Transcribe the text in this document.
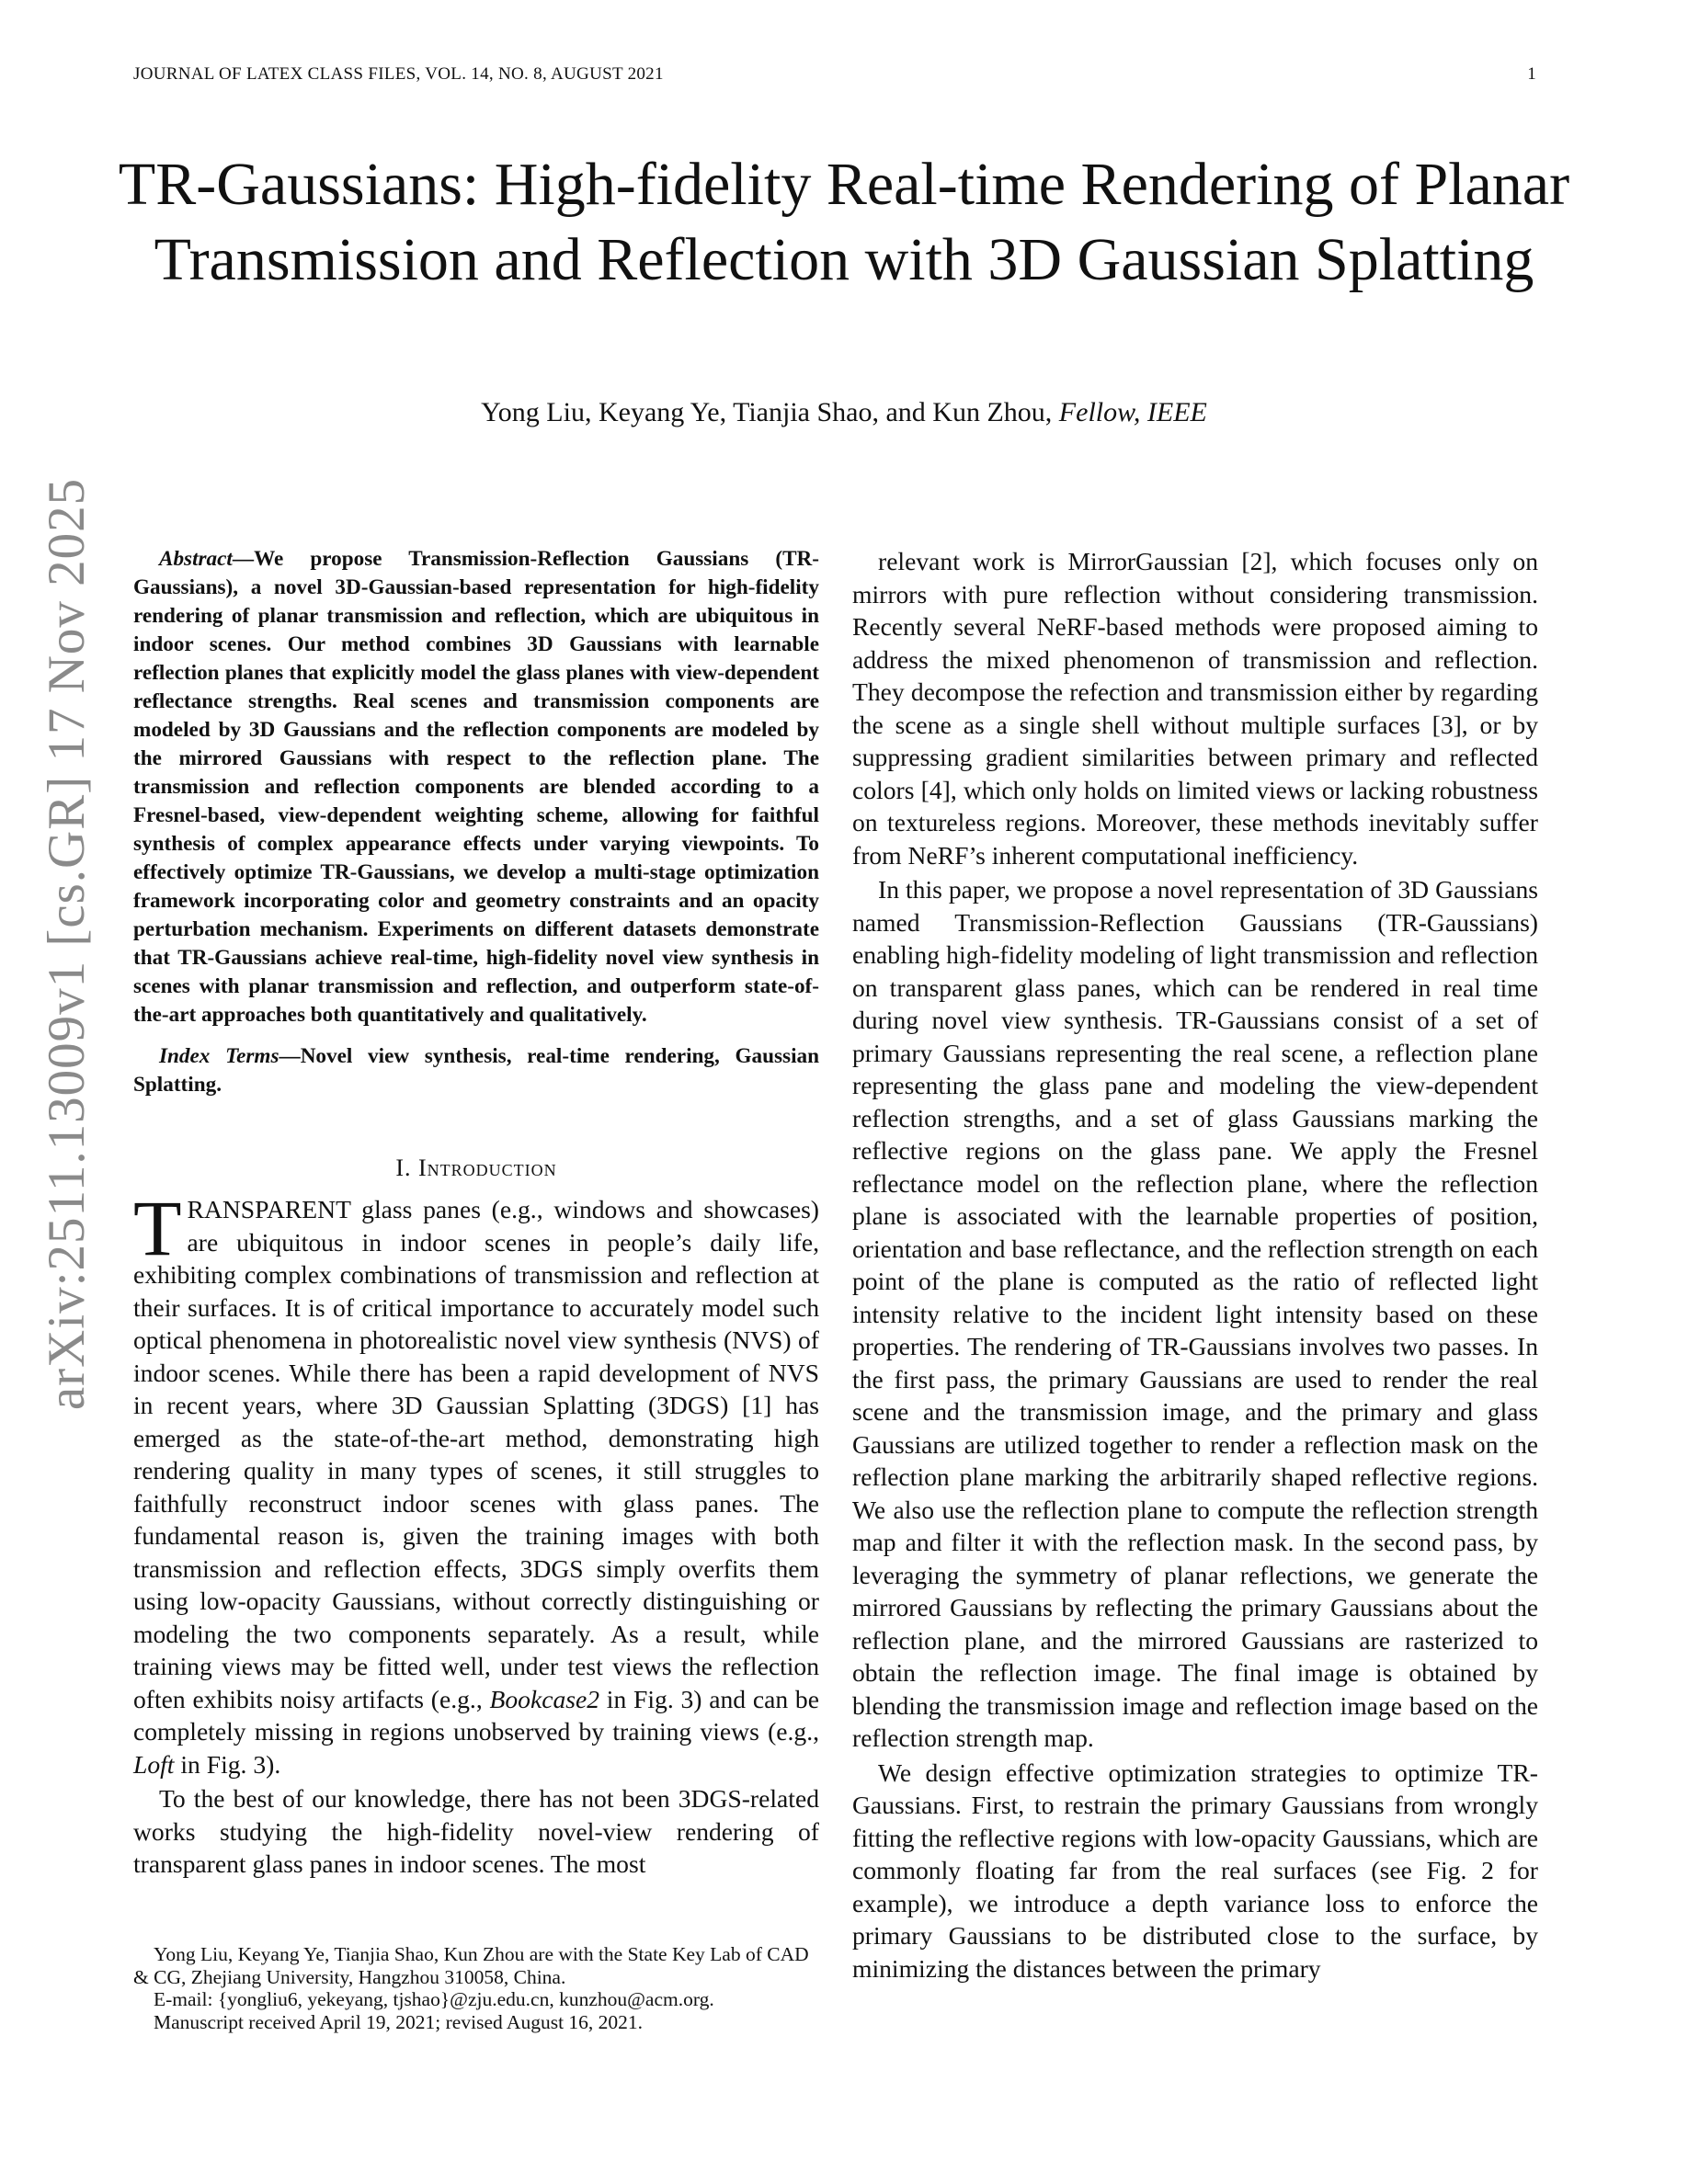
JOURNAL OF LATEX CLASS FILES, VOL. 14, NO. 8, AUGUST 2021	1
arXiv:2511.13009v1 [cs.GR] 17 Nov 2025
TR-Gaussians: High-fidelity Real-time Rendering of Planar Transmission and Reflection with 3D Gaussian Splatting
Yong Liu, Keyang Ye, Tianjia Shao, and Kun Zhou, Fellow, IEEE

Abstract—We propose Transmission-Reflection Gaussians (TR-Gaussians), a novel 3D-Gaussian-based representation for high-fidelity rendering of planar transmission and reflection, which are ubiquitous in indoor scenes. Our method combines 3D Gaussians with learnable reflection planes that explicitly model the glass planes with view-dependent reflectance strengths. Real scenes and transmission components are modeled by 3D Gaussians and the reflection components are modeled by the mirrored Gaussians with respect to the reflection plane. The transmission and reflection components are blended according to a Fresnel-based, view-dependent weighting scheme, allowing for faithful synthesis of complex appearance effects under varying viewpoints. To effectively optimize TR-Gaussians, we develop a multi-stage optimization framework incorporating color and geometry constraints and an opacity perturbation mechanism. Experiments on different datasets demonstrate that TR-Gaussians achieve real-time, high-fidelity novel view synthesis in scenes with planar transmission and reflection, and outperform state-of-the-art approaches both quantitatively and qualitatively.

Index Terms—Novel view synthesis, real-time rendering, Gaussian Splatting.

I. Introduction

TRANSPARENT glass panes (e.g., windows and showcases) are ubiquitous in indoor scenes in people’s daily life, exhibiting complex combinations of transmission and reflection at their surfaces. It is of critical importance to accurately model such optical phenomena in photorealistic novel view synthesis (NVS) of indoor scenes. While there has been a rapid development of NVS in recent years, where 3D Gaussian Splatting (3DGS) [1] has emerged as the state-of-the-art method, demonstrating high rendering quality in many types of scenes, it still struggles to faithfully reconstruct indoor scenes with glass panes. The fundamental reason is, given the training images with both transmission and reflection effects, 3DGS simply overfits them using low-opacity Gaussians, without correctly distinguishing or modeling the two components separately. As a result, while training views may be fitted well, under test views the reflection often exhibits noisy artifacts (e.g., Bookcase2 in Fig. 3) and can be completely missing in regions unobserved by training views (e.g., Loft in Fig. 3).

To the best of our knowledge, there has not been 3DGS-related works studying the high-fidelity novel-view rendering of transparent glass panes in indoor scenes. The most

relevant work is MirrorGaussian [2], which focuses only on mirrors with pure reflection without considering transmission. Recently several NeRF-based methods were proposed aiming to address the mixed phenomenon of transmission and reflection. They decompose the refection and transmission either by regarding the scene as a single shell without multiple surfaces [3], or by suppressing gradient similarities between primary and reflected colors [4], which only holds on limited views or lacking robustness on textureless regions. Moreover, these methods inevitably suffer from NeRF’s inherent computational inefficiency.

In this paper, we propose a novel representation of 3D Gaussians named Transmission-Reflection Gaussians (TR-Gaussians) enabling high-fidelity modeling of light transmission and reflection on transparent glass panes, which can be rendered in real time during novel view synthesis. TR-Gaussians consist of a set of primary Gaussians representing the real scene, a reflection plane representing the glass pane and modeling the view-dependent reflection strengths, and a set of glass Gaussians marking the reflective regions on the glass pane. We apply the Fresnel reflectance model on the reflection plane, where the reflection plane is associated with the learnable properties of position, orientation and base reflectance, and the reflection strength on each point of the plane is computed as the ratio of reflected light intensity relative to the incident light intensity based on these properties. The rendering of TR-Gaussians involves two passes. In the first pass, the primary Gaussians are used to render the real scene and the transmission image, and the primary and glass Gaussians are utilized together to render a reflection mask on the reflection plane marking the arbitrarily shaped reflective regions. We also use the reflection plane to compute the reflection strength map and filter it with the reflection mask. In the second pass, by leveraging the symmetry of planar reflections, we generate the mirrored Gaussians by reflecting the primary Gaussians about the reflection plane, and the mirrored Gaussians are rasterized to obtain the reflection image. The final image is obtained by blending the transmission image and reflection image based on the reflection strength map.

We design effective optimization strategies to optimize TR-Gaussians. First, to restrain the primary Gaussians from wrongly fitting the reflective regions with low-opacity Gaussians, which are commonly floating far from the real surfaces (see Fig. 2 for example), we introduce a depth variance loss to enforce the primary Gaussians to be distributed close to the surface, by minimizing the distances between the primary

Yong Liu, Keyang Ye, Tianjia Shao, Kun Zhou are with the State Key Lab of CAD & CG, Zhejiang University, Hangzhou 310058, China.
E-mail: {yongliu6, yekeyang, tjshao}@zju.edu.cn, kunzhou@acm.org.
Manuscript received April 19, 2021; revised August 16, 2021.
